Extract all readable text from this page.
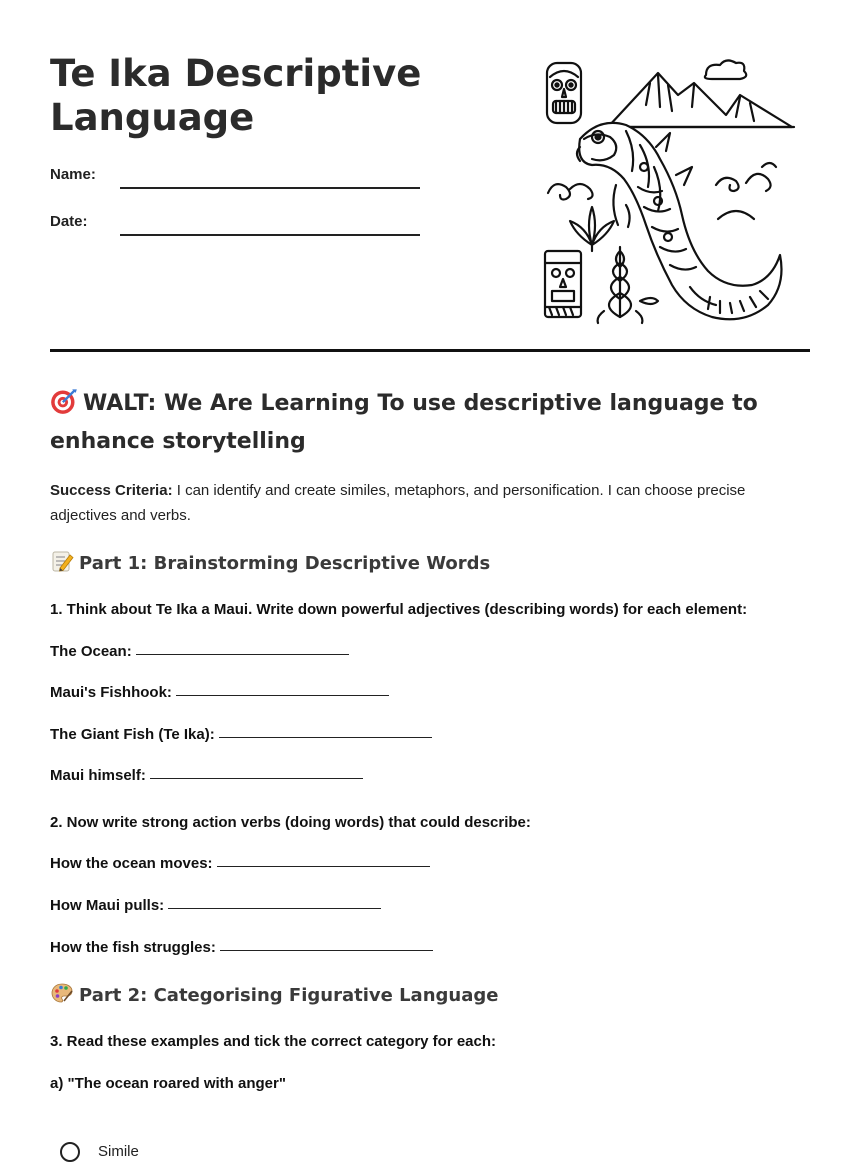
Te Ika Descriptive
Language
Name:
Date:
WALT: We Are Learning To use descriptive language to enhance storytelling
Success Criteria: I can identify and create similes, metaphors, and personification. I can choose precise adjectives and verbs.
Part 1: Brainstorming Descriptive Words
1. Think about Te Ika a Maui. Write down powerful adjectives (describing words) for each element:
The Ocean:
Maui's Fishhook:
The Giant Fish (Te Ika):
Maui himself:
2. Now write strong action verbs (doing words) that could describe:
How the ocean moves:
How Maui pulls:
How the fish struggles:
Part 2: Categorising Figurative Language
3. Read these examples and tick the correct category for each:
a) "The ocean roared with anger"
Simile
